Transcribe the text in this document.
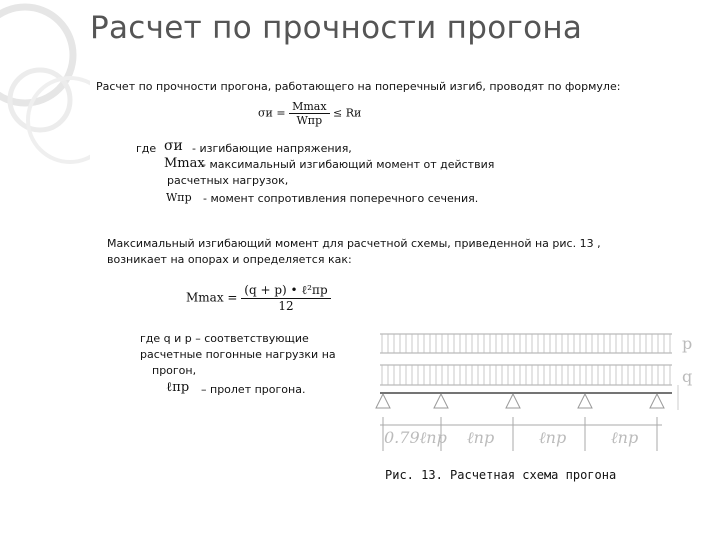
Расчет по прочности прогона
Расчет по прочности прогона, работающего на поперечный изгиб, проводят по формуле:
$\sigma и = \frac{Mmax}{\text{Wпр}}$ ≤ Rи
где σи - изгибающие напряжения,
Mmax
- максимальный изгибающий момент от действия
расчетных нагрузок,
Wпр - момент сопротивления поперечного сечения.
Максимальный изгибающий момент для расчетной схемы, приведенной на рис. 13 ,
возникает на опорах и определяется как:
$Mmax = \frac{\text{(q + p) • ℓ²пр}}{12}$
где q и p – соответствующие
расчетные погонные нагрузки на
прогон,
ℓпр – пролет прогона.
p
q
0.79ℓпр ℓпр	ℓпр	ℓпр
Рис. 13. Расчетная схема прогона
